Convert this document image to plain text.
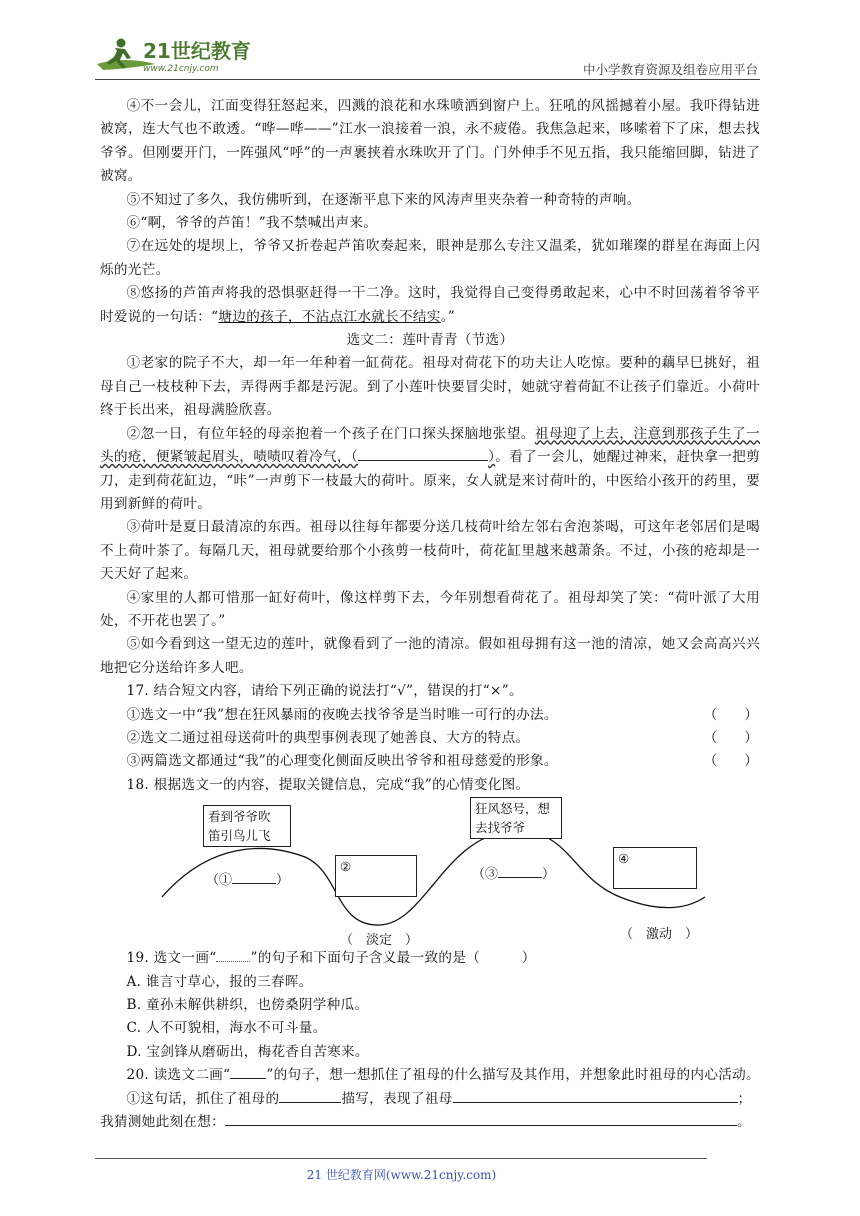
21世纪教育
www.21cnjy.com	中小学教育资源及组卷应用平台

④不一会儿，江面变得狂怒起来，四溅的浪花和水珠喷洒到窗户上。狂吼的风摇撼着小屋。我吓得钻进被窝，连大气也不敢透。“哗—哗——”江水一浪接着一浪，永不疲倦。我焦急起来，哆嗦着下了床，想去找爷爷。但刚要开门，一阵强风“呼”的一声裹挟着水珠吹开了门。门外伸手不见五指，我只能缩回脚，钻进了被窝。

⑤不知过了多久，我仿佛听到，在逐渐平息下来的风涛声里夹杂着一种奇特的声响。

⑥“啊，爷爷的芦笛！”我不禁喊出声来。

⑦在远处的堤坝上，爷爷又折卷起芦笛吹奏起来，眼神是那么专注又温柔，犹如璀璨的群星在海面上闪烁的光芒。

⑧悠扬的芦笛声将我的恐惧驱赶得一干二净。这时，我觉得自己变得勇敢起来，心中不时回荡着爷爷平时爱说的一句话：“塘边的孩子，不沾点江水就长不结实。”

选文二：莲叶青青（节选）

①老家的院子不大，却一年一年种着一缸荷花。祖母对荷花下的功夫让人吃惊。要种的藕早巳挑好，祖母自己一枝枝种下去，弄得两手都是污泥。到了小莲叶快要冒尖时，她就守着荷缸不让孩子们靠近。小荷叶终于长出来，祖母满脸欣喜。

②忽一日，有位年轻的母亲抱着一个孩子在门口探头探脑地张望。祖母迎了上去，注意到那孩子生了一头的疮，便紧皱起眉头，啧啧叹着冷气，（	）。看了一会儿，她醒过神来，赶快拿一把剪刀，走到荷花缸边，“咔”一声剪下一枝最大的荷叶。原来，女人就是来讨荷叶的，中医给小孩开的药里，要用到新鲜的荷叶。

③荷叶是夏日最清凉的东西。祖母以往每年都要分送几枝荷叶给左邻右舍泡茶喝，可这年老邻居们是喝不上荷叶茶了。每隔几天，祖母就要给那个小孩剪一枝荷叶，荷花缸里越来越萧条。不过，小孩的疮却是一天天好了起来。

④家里的人都可惜那一缸好荷叶，像这样剪下去，今年别想看荷花了。祖母却笑了笑：“荷叶派了大用处，不开花也罢了。”

⑤如今看到这一望无边的莲叶，就像看到了一池的清凉。假如祖母拥有这一池的清凉，她又会高高兴兴地把它分送给许多人吧。

17. 结合短文内容，请给下列正确的说法打“√”，错误的打“×”。

①选文一中“我”想在狂风暴雨的夜晚去找爷爷是当时唯一可行的办法。	（　　）
②选文二通过祖母送荷叶的典型事例表现了她善良、大方的特点。	（　　）
③两篇选文都通过“我”的心理变化侧面反映出爷爷和祖母慈爱的形象。	（　　）

18. 根据选文一的内容，提取关键信息，完成“我”的心情变化图。

看到爷爷吹
笛引鸟儿飞
狂风怒号，想
去找爷爷
②
④
（①	）	（③	）
（　淡定　）	（　激动　）

19. 选文一画“	”的句子和下面句子含义最一致的是（　　　）

A. 谁言寸草心，报的三春晖。

B. 童孙未解供耕织，也傍桑阴学种瓜。

C. 人不可貌相，海水不可斗量。

D. 宝剑锋从磨砺出，梅花香自苦寒来。

20. 读选文二画“	”的句子，想一想抓住了祖母的什么描写及其作用，并想象此时祖母的内心活动。

①这句话，抓住了祖母的	描写，表现了祖母	；

我猜测她此刻在想：	。

21 世纪教育网(www.21cnjy.com)
